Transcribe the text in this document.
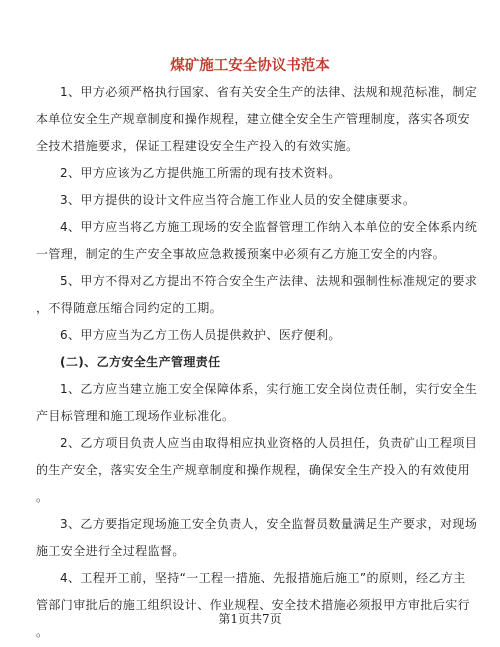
煤矿施工安全协议书范本
1、甲方必须严格执行国家、省有关安全生产的法律、法规和规范标准，制定
本单位安全生产规章制度和操作规程，建立健全安全生产管理制度，落实各项安
全技术措施要求，保证工程建设安全生产投入的有效实施。
2、甲方应该为乙方提供施工所需的现有技术资料。
3、甲方提供的设计文件应当符合施工作业人员的安全健康要求。
4、甲方应当将乙方施工现场的安全监督管理工作纳入本单位的安全体系内统
一管理，制定的生产安全事故应急救援预案中必须有乙方施工安全的内容。
5、甲方不得对乙方提出不符合安全生产法律、法规和强制性标准规定的要求
，不得随意压缩合同约定的工期。
6、甲方应当为乙方工伤人员提供救护、医疗便利。
(二)、乙方安全生产管理责任
1、乙方应当建立施工安全保障体系，实行施工安全岗位责任制，实行安全生
产目标管理和施工现场作业标准化。
2、乙方项目负责人应当由取得相应执业资格的人员担任，负责矿山工程项目
的生产安全，落实安全生产规章制度和操作规程，确保安全生产投入的有效使用
。
3、乙方要指定现场施工安全负责人，安全监督员数量满足生产要求，对现场
施工安全进行全过程监督。
4、工程开工前，坚持“一工程一措施、先报措施后施工”的原则，经乙方主
管部门审批后的施工组织设计、作业规程、安全技术措施必须报甲方审批后实行
。
第1页共7页
